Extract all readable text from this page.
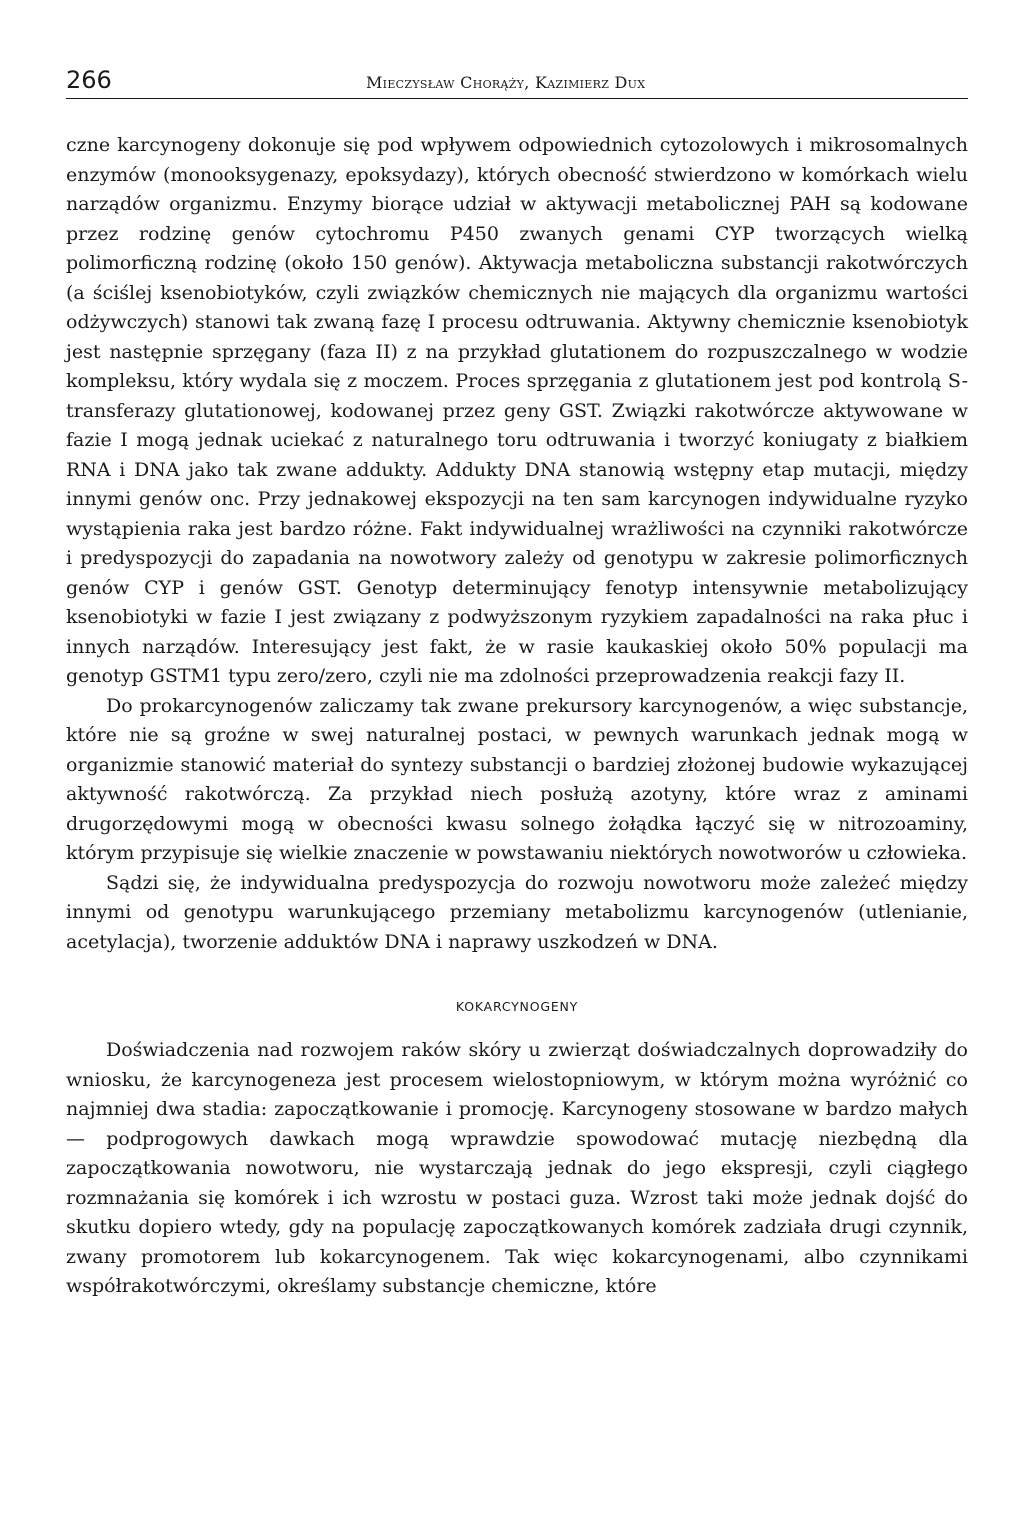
266	Mieczysław Chorąży, Kazimierz Dux

czne karcynogeny dokonuje się pod wpływem odpowiednich cytozolowych i mikrosomalnych enzymów (monooksygenazy, epoksydazy), których obecność stwierdzono w komórkach wielu narządów organizmu. Enzymy biorące udział w aktywacji metabolicznej PAH są kodowane przez rodzinę genów cytochromu P450 zwanych genami CYP tworzących wielką polimorficzną rodzinę (około 150 genów). Aktywacja metaboliczna substancji rakotwórczych (a ściślej ksenobiotyków, czyli związków chemicznych nie mających dla organizmu wartości odżywczych) stanowi tak zwaną fazę I procesu odtruwania. Aktywny chemicznie ksenobiotyk jest następnie sprzęgany (faza II) z na przykład glutationem do rozpuszczalnego w wodzie kompleksu, który wydala się z moczem. Proces sprzęgania z glutationem jest pod kontrolą S-transferazy glutationowej, kodowanej przez geny GST. Związki rakotwórcze aktywowane w fazie I mogą jednak uciekać z naturalnego toru odtruwania i tworzyć koniugaty z białkiem RNA i DNA jako tak zwane addukty. Addukty DNA stanowią wstępny etap mutacji, między innymi genów onc. Przy jednakowej ekspozycji na ten sam karcynogen indywidualne ryzyko wystąpienia raka jest bardzo różne. Fakt indywidualnej wrażliwości na czynniki rakotwórcze i predyspozycji do zapadania na nowotwory zależy od genotypu w zakresie polimorficznych genów CYP i genów GST. Genotyp determinujący fenotyp intensywnie metabolizujący ksenobiotyki w fazie I jest związany z podwyższonym ryzykiem zapadalności na raka płuc i innych narządów. Interesujący jest fakt, że w rasie kaukaskiej około 50% populacji ma genotyp GSTM1 typu zero/zero, czyli nie ma zdolności przeprowadzenia reakcji fazy II.

Do prokarcynogenów zaliczamy tak zwane prekursory karcynogenów, a więc substancje, które nie są groźne w swej naturalnej postaci, w pewnych warunkach jednak mogą w organizmie stanowić materiał do syntezy substancji o bardziej złożonej budowie wykazującej aktywność rakotwórczą. Za przykład niech posłużą azotyny, które wraz z aminami drugorzędowymi mogą w obecności kwasu solnego żołądka łączyć się w nitrozoaminy, którym przypisuje się wielkie znaczenie w powstawaniu niektórych nowotworów u człowieka.

Sądzi się, że indywidualna predyspozycja do rozwoju nowotworu może zależeć między innymi od genotypu warunkującego przemiany metabolizmu karcynogenów (utlenianie, acetylacja), tworzenie adduktów DNA i naprawy uszkodzeń w DNA.

KOKARCYNOGENY

Doświadczenia nad rozwojem raków skóry u zwierząt doświadczalnych doprowadziły do wniosku, że karcynogeneza jest procesem wielostopniowym, w którym można wyróżnić co najmniej dwa stadia: zapoczątkowanie i promocję. Karcynogeny stosowane w bardzo małych — podprogowych dawkach mogą wprawdzie spowodować mutację niezbędną dla zapoczątkowania nowotworu, nie wystarczają jednak do jego ekspresji, czyli ciągłego rozmnażania się komórek i ich wzrostu w postaci guza. Wzrost taki może jednak dojść do skutku dopiero wtedy, gdy na populację zapoczątkowanych komórek zadziała drugi czynnik, zwany promotorem lub kokarcynogenem. Tak więc kokarcynogenami, albo czynnikami współrakotwórczymi, określamy substancje chemiczne, które
